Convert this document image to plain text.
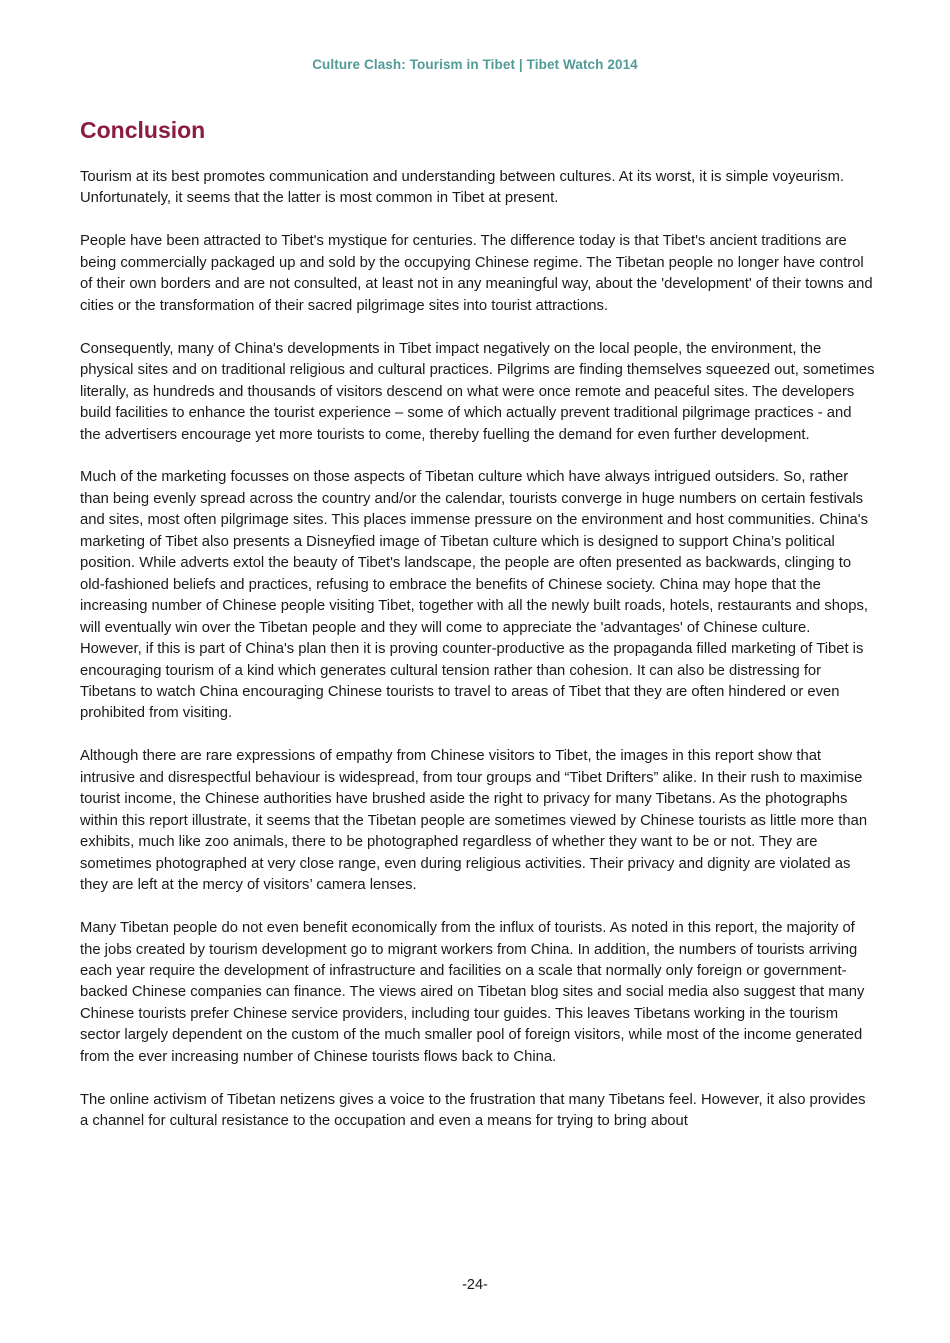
Culture Clash: Tourism in Tibet | Tibet Watch 2014
Conclusion

Tourism at its best promotes communication and understanding between cultures. At its worst, it is simple voyeurism. Unfortunately, it seems that the latter is most common in Tibet at present.

People have been attracted to Tibet's mystique for centuries. The difference today is that Tibet's ancient traditions are being commercially packaged up and sold by the occupying Chinese regime. The Tibetan people no longer have control of their own borders and are not consulted, at least not in any meaningful way, about the 'development' of their towns and cities or the transformation of their sacred pilgrimage sites into tourist attractions.

Consequently, many of China's developments in Tibet impact negatively on the local people, the environment, the physical sites and on traditional religious and cultural practices. Pilgrims are finding themselves squeezed out, sometimes literally, as hundreds and thousands of visitors descend on what were once remote and peaceful sites. The developers build facilities to enhance the tourist experience – some of which actually prevent traditional pilgrimage practices - and the advertisers encourage yet more tourists to come, thereby fuelling the demand for even further development.

Much of the marketing focusses on those aspects of Tibetan culture which have always intrigued outsiders. So, rather than being evenly spread across the country and/or the calendar, tourists converge in huge numbers on certain festivals and sites, most often pilgrimage sites. This places immense pressure on the environment and host communities. China's marketing of Tibet also presents a Disneyfied image of Tibetan culture which is designed to support China’s political position. While adverts extol the beauty of Tibet's landscape, the people are often presented as backwards, clinging to old-fashioned beliefs and practices, refusing to embrace the benefits of Chinese society. China may hope that the increasing number of Chinese people visiting Tibet, together with all the newly built roads, hotels, restaurants and shops, will eventually win over the Tibetan people and they will come to appreciate the 'advantages' of Chinese culture. However, if this is part of China's plan then it is proving counter-productive as the propaganda filled marketing of Tibet is encouraging tourism of a kind which generates cultural tension rather than cohesion. It can also be distressing for Tibetans to watch China encouraging Chinese tourists to travel to areas of Tibet that they are often hindered or even prohibited from visiting.

Although there are rare expressions of empathy from Chinese visitors to Tibet, the images in this report show that intrusive and disrespectful behaviour is widespread, from tour groups and “Tibet Drifters” alike. In their rush to maximise tourist income, the Chinese authorities have brushed aside the right to privacy for many Tibetans. As the photographs within this report illustrate, it seems that the Tibetan people are sometimes viewed by Chinese tourists as little more than exhibits, much like zoo animals, there to be photographed regardless of whether they want to be or not. They are sometimes photographed at very close range, even during religious activities. Their privacy and dignity are violated as they are left at the mercy of visitors’ camera lenses.

Many Tibetan people do not even benefit economically from the influx of tourists. As noted in this report, the majority of the jobs created by tourism development go to migrant workers from China. In addition, the numbers of tourists arriving each year require the development of infrastructure and facilities on a scale that normally only foreign or government-backed Chinese companies can finance. The views aired on Tibetan blog sites and social media also suggest that many Chinese tourists prefer Chinese service providers, including tour guides. This leaves Tibetans working in the tourism sector largely dependent on the custom of the much smaller pool of foreign visitors, while most of the income generated from the ever increasing number of Chinese tourists flows back to China.

The online activism of Tibetan netizens gives a voice to the frustration that many Tibetans feel. However, it also provides a channel for cultural resistance to the occupation and even a means for trying to bring about

-24-
